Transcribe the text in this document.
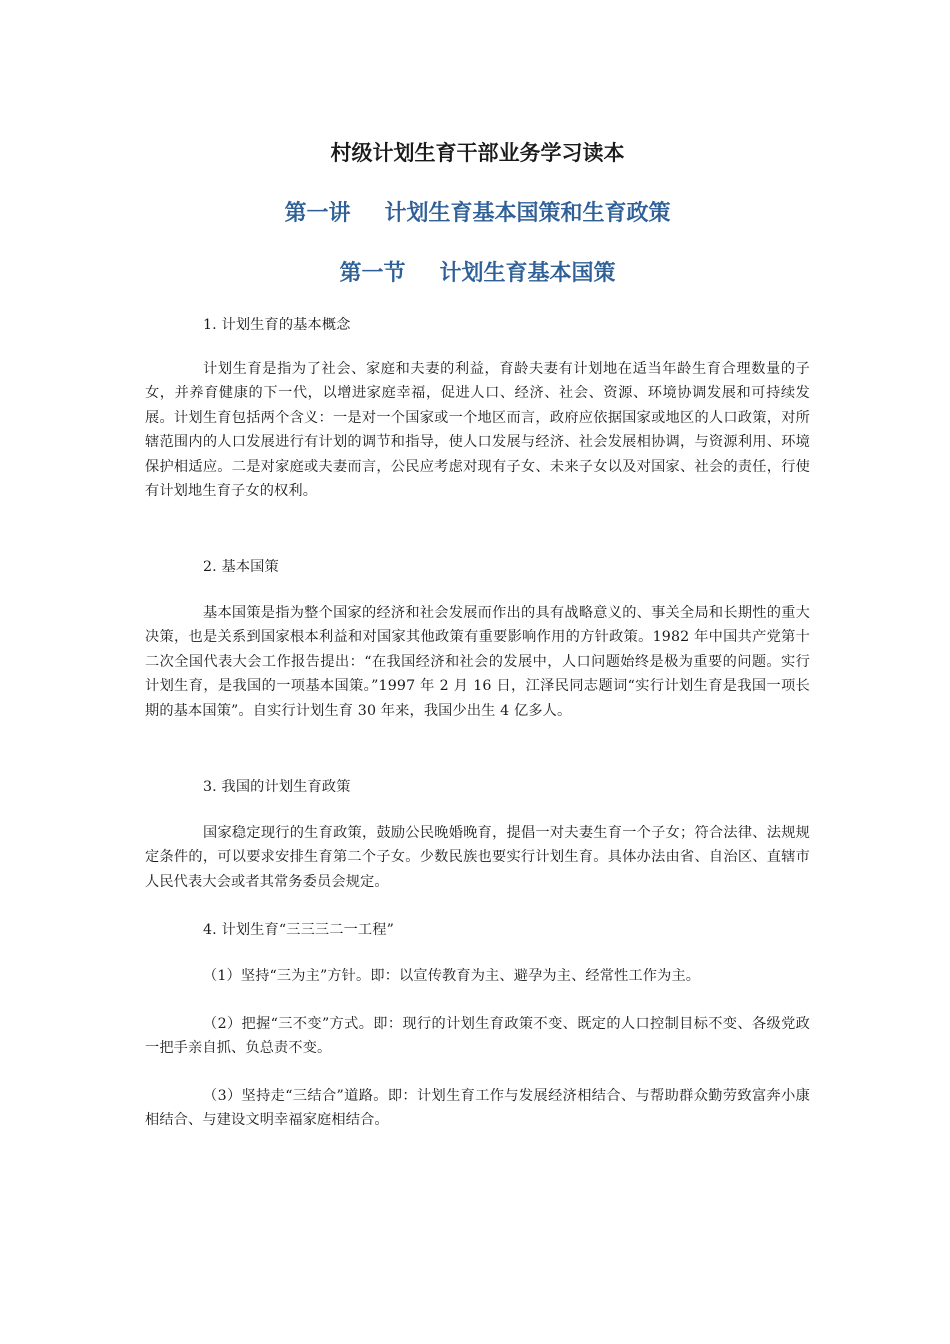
村级计划生育干部业务学习读本
第一讲 计划生育基本国策和生育政策
第一节 计划生育基本国策
1. 计划生育的基本概念
计划生育是指为了社会、家庭和夫妻的利益，育龄夫妻有计划地在适当年龄生育合理数量的子女，并养育健康的下一代，以增进家庭幸福，促进人口、经济、社会、资源、环境协调发展和可持续发展。计划生育包括两个含义：一是对一个国家或一个地区而言，政府应依据国家或地区的人口政策，对所辖范围内的人口发展进行有计划的调节和指导，使人口发展与经济、社会发展相协调，与资源利用、环境保护相适应。二是对家庭或夫妻而言，公民应考虑对现有子女、未来子女以及对国家、社会的责任，行使有计划地生育子女的权利。
2. 基本国策
基本国策是指为整个国家的经济和社会发展而作出的具有战略意义的、事关全局和长期性的重大决策，也是关系到国家根本利益和对国家其他政策有重要影响作用的方针政策。1982 年中国共产党第十二次全国代表大会工作报告提出：“在我国经济和社会的发展中，人口问题始终是极为重要的问题。实行计划生育，是我国的一项基本国策。”1997 年 2 月 16 日，江泽民同志题词“实行计划生育是我国一项长期的基本国策”。自实行计划生育 30 年来，我国少出生 4 亿多人。
3. 我国的计划生育政策
国家稳定现行的生育政策，鼓励公民晚婚晚育，提倡一对夫妻生育一个子女；符合法律、法规规定条件的，可以要求安排生育第二个子女。少数民族也要实行计划生育。具体办法由省、自治区、直辖市人民代表大会或者其常务委员会规定。
4. 计划生育“三三三二一工程”
（1）坚持“三为主”方针。即：以宣传教育为主、避孕为主、经常性工作为主。
（2）把握“三不变”方式。即：现行的计划生育政策不变、既定的人口控制目标不变、各级党政一把手亲自抓、负总责不变。
（3）坚持走“三结合”道路。即：计划生育工作与发展经济相结合、与帮助群众勤劳致富奔小康相结合、与建设文明幸福家庭相结合。
